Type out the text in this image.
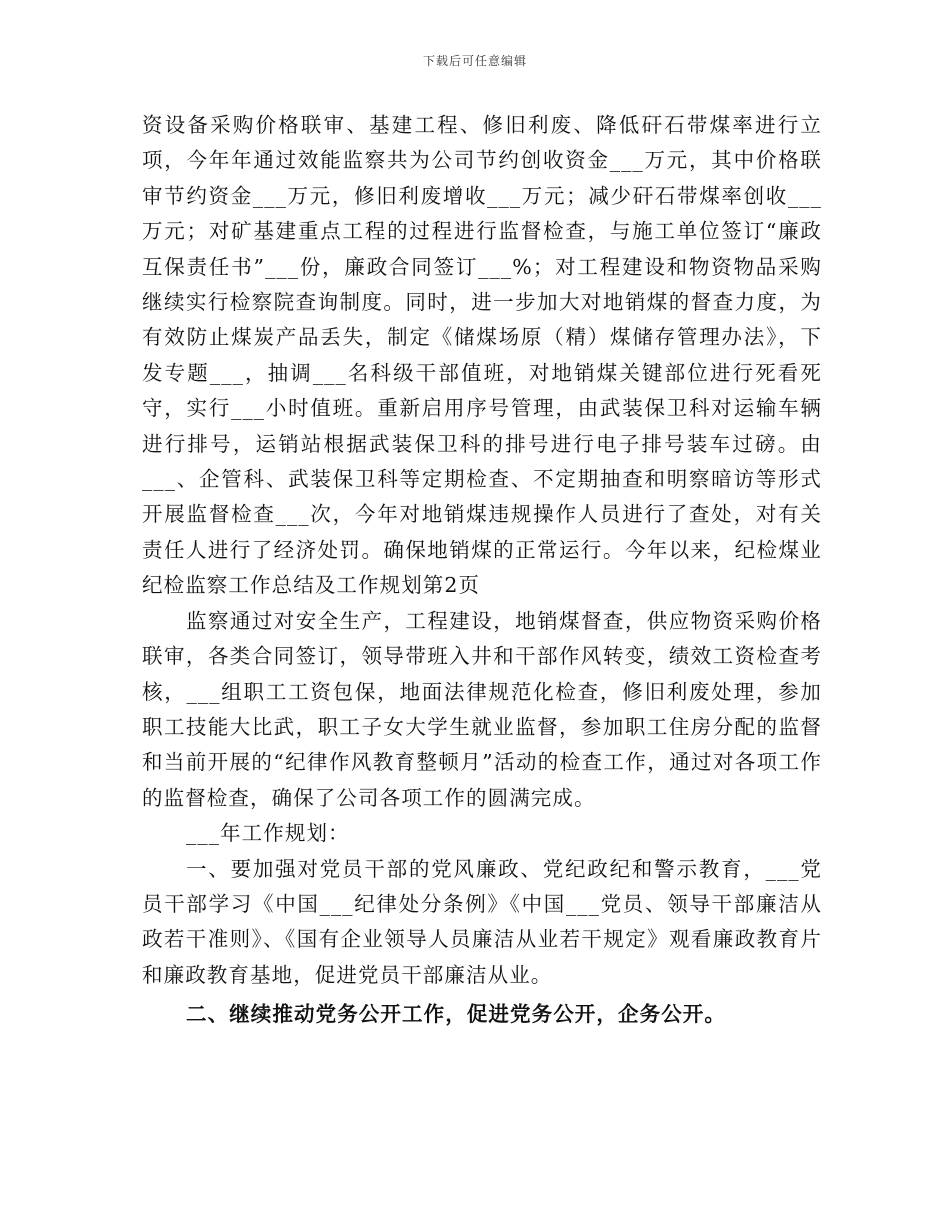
下载后可任意编辑

资设备采购价格联审、基建工程、修旧利废、降低矸石带煤率进行立项，今年年通过效能监察共为公司节约创收资金___万元，其中价格联审节约资金___万元，修旧利废增收___万元；减少矸石带煤率创收___万元；对矿基建重点工程的过程进行监督检查，与施工单位签订“廉政互保责任书”___份，廉政合同签订___%；对工程建设和物资物品采购继续实行检察院查询制度。同时，进一步加大对地销煤的督查力度，为有效防止煤炭产品丢失，制定《储煤场原（精）煤储存管理办法》，下发专题___，抽调___名科级干部值班，对地销煤关键部位进行死看死守，实行___小时值班。重新启用序号管理，由武装保卫科对运输车辆进行排号，运销站根据武装保卫科的排号进行电子排号装车过磅。由___、企管科、武装保卫科等定期检查、不定期抽查和明察暗访等形式开展监督检查___次，今年对地销煤违规操作人员进行了查处，对有关责任人进行了经济处罚。确保地销煤的正常运行。今年以来，纪检煤业纪检监察工作总结及工作规划第2页

监察通过对安全生产，工程建设，地销煤督查，供应物资采购价格联审，各类合同签订，领导带班入井和干部作风转变，绩效工资检查考核，___组职工工资包保，地面法律规范化检查，修旧利废处理，参加职工技能大比武，职工子女大学生就业监督，参加职工住房分配的监督和当前开展的“纪律作风教育整顿月”活动的检查工作，通过对各项工作的监督检查，确保了公司各项工作的圆满完成。

___年工作规划：

一、要加强对党员干部的党风廉政、党纪政纪和警示教育，___党员干部学习《中国___纪律处分条例》《中国___党员、领导干部廉洁从政若干准则》、《国有企业领导人员廉洁从业若干规定》观看廉政教育片和廉政教育基地，促进党员干部廉洁从业。

二、继续推动党务公开工作，促进党务公开，企务公开。
